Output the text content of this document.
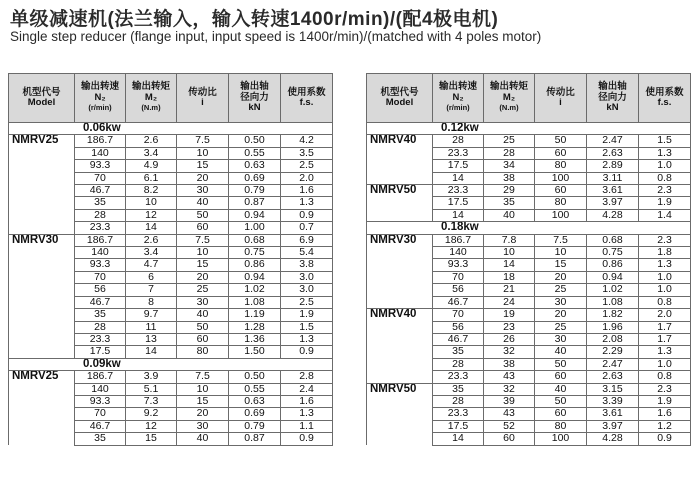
单级减速机(法兰输入，输入转速1400r/min)/(配4极电机)
Single step reducer (flange input, input speed is 1400r/min)/(matched with 4 poles motor)
机型代号
Model	输出转速
N₂
(r/min)	输出转矩
M₂
(N.m)	传动比
i	输出轴
径向力
kN	使用系数
f.s.

0.06kw					
NMRV25	186.7	2.6	7.5	0.50	4.2
	140	3.4	10	0.55	3.5
	93.3	4.9	15	0.63	2.5
	70	6.1	20	0.69	2.0
	46.7	8.2	30	0.79	1.6
	35	10	40	0.87	1.3
	28	12	50	0.94	0.9
	23.3	14	60	1.00	0.7
NMRV30	186.7	2.6	7.5	0.68	6.9
	140	3.4	10	0.75	5.4
	93.3	4.7	15	0.86	3.8
	70	6	20	0.94	3.0
	56	7	25	1.02	3.0
	46.7	8	30	1.08	2.5
	35	9.7	40	1.19	1.9
	28	11	50	1.28	1.5
	23.3	13	60	1.36	1.3
	17.5	14	80	1.50	0.9
0.09kw					
NMRV25	186.7	3.9	7.5	0.50	2.8
	140	5.1	10	0.55	2.4
	93.3	7.3	15	0.63	1.6
	70	9.2	20	0.69	1.3
	46.7	12	30	0.79	1.1
	35	15	40	0.87	0.9
机型代号
Model	输出转速
N₂
(r/min)	输出转矩
M₂
(N.m)	传动比
i	输出轴
径向力
kN	使用系数
f.s.

0.12kw					
NMRV40	28	25	50	2.47	1.5
	23.3	28	60	2.63	1.3
	17.5	34	80	2.89	1.0
	14	38	100	3.11	0.8
NMRV50	23.3	29	60	3.61	2.3
	17.5	35	80	3.97	1.9
	14	40	100	4.28	1.4
0.18kw					
NMRV30	186.7	7.8	7.5	0.68	2.3
	140	10	10	0.75	1.8
	93.3	14	15	0.86	1.3
	70	18	20	0.94	1.0
	56	21	25	1.02	1.0
	46.7	24	30	1.08	0.8
NMRV40	70	19	20	1.82	2.0
	56	23	25	1.96	1.7
	46.7	26	30	2.08	1.7
	35	32	40	2.29	1.3
	28	38	50	2.47	1.0
	23.3	43	60	2.63	0.8
NMRV50	35	32	40	3.15	2.3
	28	39	50	3.39	1.9
	23.3	43	60	3.61	1.6
	17.5	52	80	3.97	1.2
	14	60	100	4.28	0.9
